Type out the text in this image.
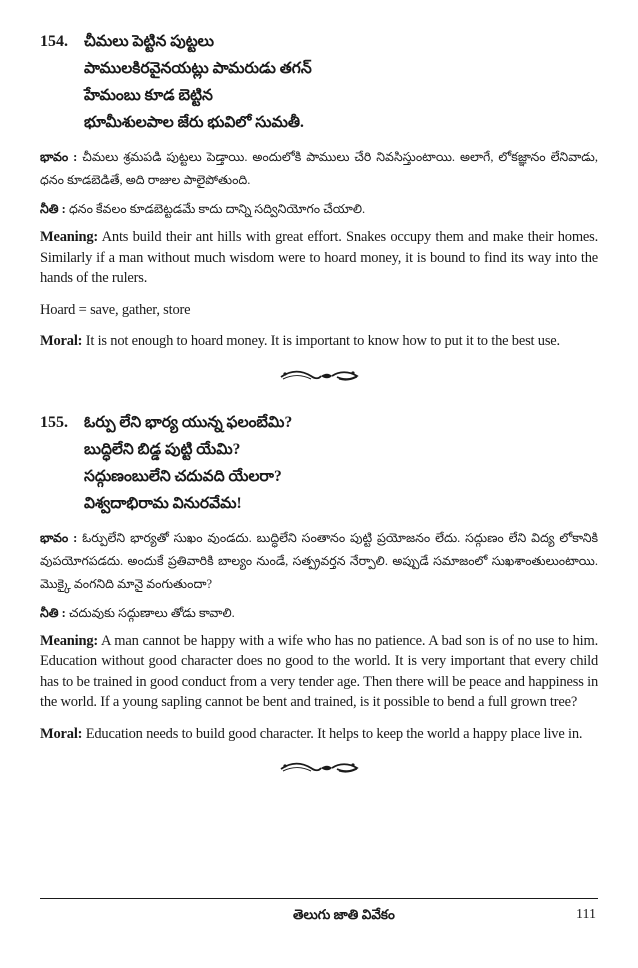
154.	చీమలు పెట్టిన పుట్టలు
పాములకిరవైనయట్లు పామరుడు తగన్
హేమంబు కూడ బెట్టిన
భూమీశులపాల జేరు భువిలో సుమతీ.

భావం : చీమలు శ్రమపడి పుట్టలు పెడ్తాయి. అందులోకి పాములు చేరి నివసిస్తుంటాయి. అలాగే, లోకజ్ఞానం లేనివాడు, ధనం కూడబెడితే, అది రాజుల పాలైపోతుంది.

నీతి : ధనం కేవలం కూడబెట్టడమే కాదు దాన్ని సద్వినియోగం చేయాలి.

Meaning: Ants build their ant hills with great effort. Snakes occupy them and make their homes. Similarly if a man without much wisdom were to hoard money, it is bound to find its way into the hands of the rulers.

Hoard = save, gather, store

Moral: It is not enough to hoard money. It is important to know how to put it to the best use.

155.	ఓర్పు లేని భార్య యున్న ఫలంబేమి?
బుద్ధిలేని బిడ్డ పుట్టి యేమి?
సద్గుణంబులేని చదువది యేలరా?
విశ్వదాభిరామ వినురవేమ!

భావం : ఓర్పులేని భార్యతో సుఖం వుండదు. బుద్ధిలేని సంతానం పుట్టి ప్రయోజనం లేదు. సద్గుణం లేని విద్య లోకానికి వుపయోగపడదు. అందుకే ప్రతివారికి బాల్యం నుండే, సత్ప్రవర్తన నేర్పాలి. అప్పుడే సమాజంలో సుఖశాంతులుంటాయి. మొక్కై వంగనిది మానై వంగుతుందా?

నీతి : చదువుకు సద్గుణాలు తోడు కావాలి.

Meaning: A man cannot be happy with a wife who has no patience. A bad son is of no use to him. Education without good character does no good to the world. It is very important that every child has to be trained in good conduct from a very tender age. Then there will be peace and happiness in the world. If a young sapling cannot be bent and trained, is it possible to bend a full grown tree?

Moral: Education needs to build good character. It helps to keep the world a happy place live in.

తెలుగు జాతి వివేకం	111
